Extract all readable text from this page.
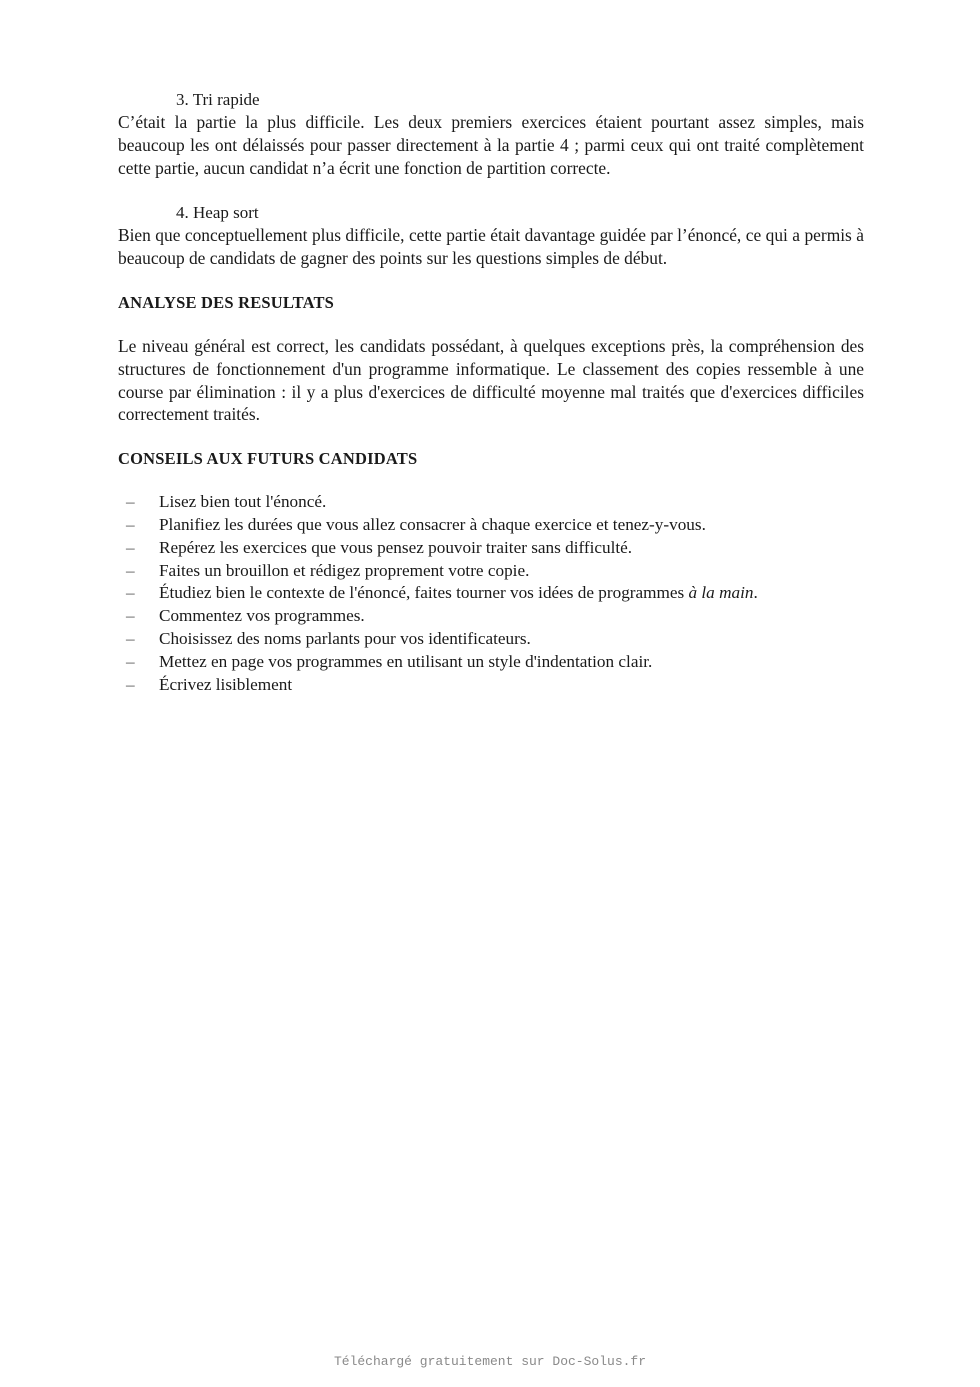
3. Tri rapide

C’était la partie la plus difficile. Les deux premiers exercices étaient pourtant assez simples, mais beaucoup les ont délaissés pour passer directement à la partie 4 ; parmi ceux qui ont traité complètement cette partie, aucun candidat n’a écrit une fonction de partition correcte.

4. Heap sort

Bien que conceptuellement plus difficile, cette partie était davantage guidée par l’énoncé, ce qui a permis à beaucoup de candidats de gagner des points sur les questions simples de début.

ANALYSE DES RESULTATS

Le niveau général est correct, les candidats possédant, à quelques exceptions près, la compréhension des structures de fonctionnement d'un programme informatique. Le classement des copies ressemble à une course par élimination : il y a plus d'exercices de difficulté moyenne mal traités que d'exercices difficiles correctement traités.

CONSEILS AUX FUTURS CANDIDATS
– Lisez bien tout l'énoncé.
– Planifiez les durées que vous allez consacrer à chaque exercice et tenez-y-vous.
– Repérez les exercices que vous pensez pouvoir traiter sans difficulté.
– Faites un brouillon et rédigez proprement votre copie.
– Étudiez bien le contexte de l'énoncé, faites tourner vos idées de programmes à la main.
– Commentez vos programmes.
– Choisissez des noms parlants pour vos identificateurs.
– Mettez en page vos programmes en utilisant un style d'indentation clair.
– Écrivez lisiblement
Téléchargé gratuitement sur Doc-Solus.fr
